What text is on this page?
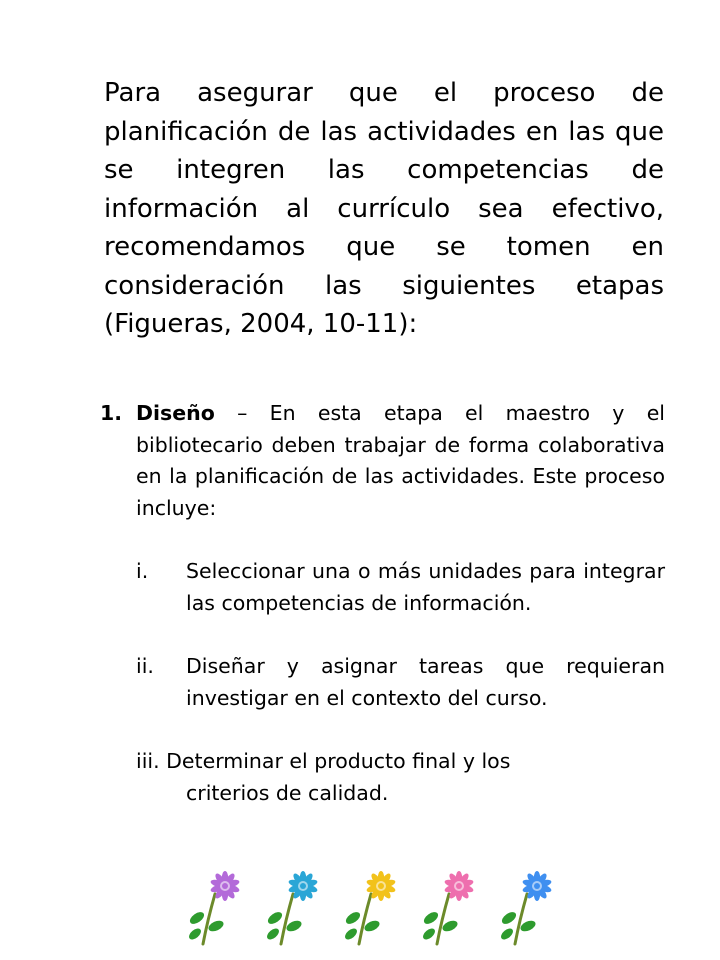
Para asegurar que el proceso de planificación de las actividades en las que se integren las competencias de información al currículo sea efectivo, recomendamos que se tomen en consideración las siguientes etapas (Figueras, 2004, 10-11):
1. Diseño – En esta etapa el maestro y el bibliotecario deben trabajar de forma colaborativa en la planificación de las actividades. Este proceso incluye:
i. Seleccionar una o más unidades para integrar las competencias de información.
ii. Diseñar y asignar tareas que requieran investigar en el contexto del curso.
iii. Determinar el producto final y los
criterios de calidad.
